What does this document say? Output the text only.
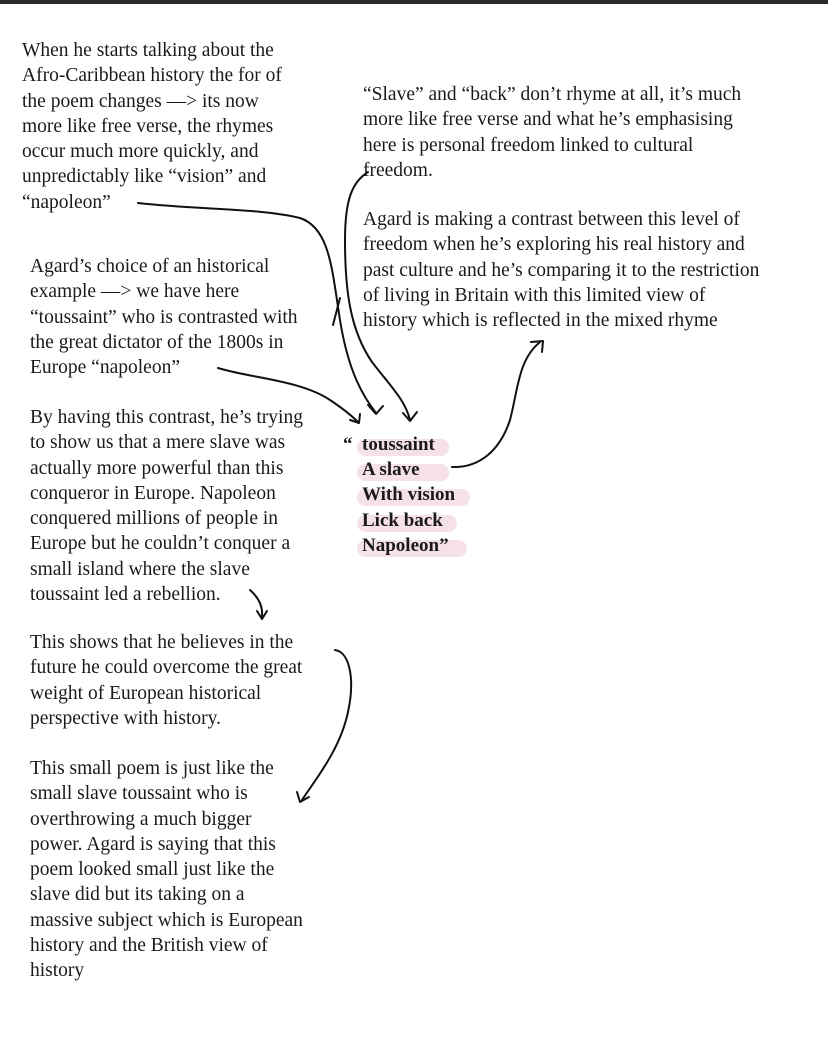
When he starts talking about the
Afro-Caribbean history the for of
the poem changes —> its now
more like free verse, the rhymes
occur much more quickly, and
unpredictably like “vision” and
“napoleon”
Agard’s choice of an historical
example —> we have here
“toussaint” who is contrasted with
the great dictator of the 1800s in
Europe “napoleon”
By having this contrast, he’s trying
to show us that a mere slave was
actually more powerful than this
conqueror in Europe. Napoleon
conquered millions of people in
Europe but he couldn’t conquer a
small island where the slave
toussaint led a rebellion.
This shows that he believes in the
future he could overcome the great
weight of European historical
perspective with history.
This small poem is just like the
small slave toussaint who is
overthrowing a much bigger
power. Agard is saying that this
poem looked small just like the
slave did but its taking on a
massive subject which is European
history and the British view of
history
“Slave” and “back” don’t rhyme at all, it’s much
more like free verse and what he’s emphasising
here is personal freedom linked to cultural
freedom.
Agard is making a contrast between this level of
freedom when he’s exploring his real history and
past culture and he’s comparing it to the restriction
of living in Britain with this limited view of
history which is reflected in the mixed rhyme
“ toussaint
A slave
With vision
Lick back
Napoleon”
